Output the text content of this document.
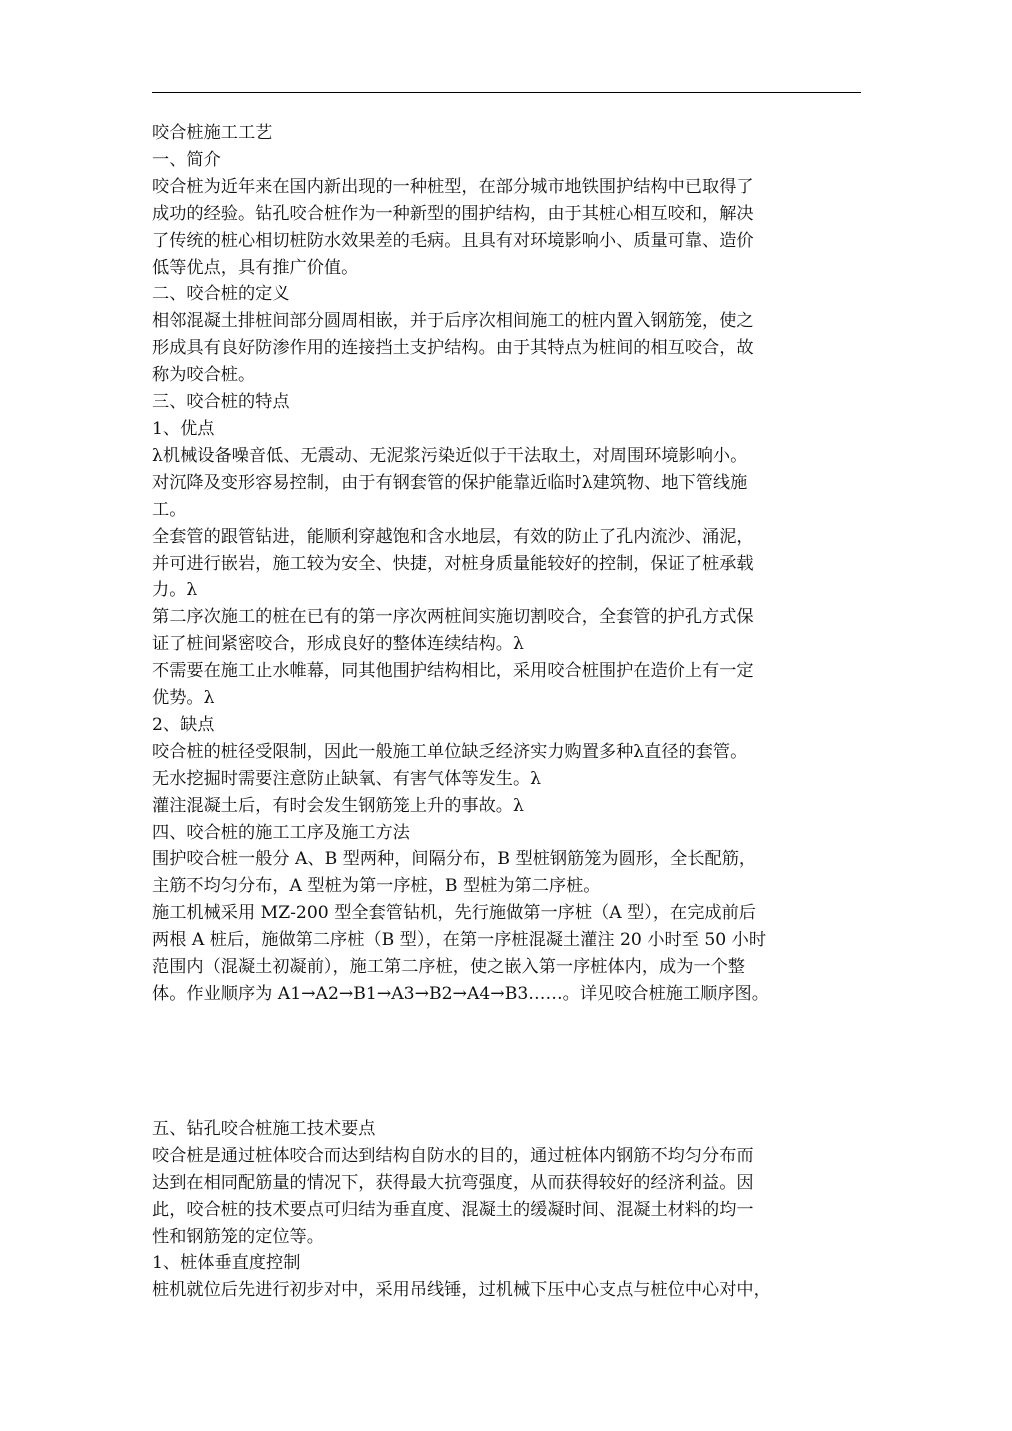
咬合桩施工工艺

一、简介

咬合桩为近年来在国内新出现的一种桩型，在部分城市地铁围护结构中已取得了

成功的经验。钻孔咬合桩作为一种新型的围护结构，由于其桩心相互咬和，解决

了传统的桩心相切桩防水效果差的毛病。且具有对环境影响小、质量可靠、造价

低等优点，具有推广价值。

二、咬合桩的定义

相邻混凝土排桩间部分圆周相嵌，并于后序次相间施工的桩内置入钢筋笼，使之

形成具有良好防渗作用的连接挡土支护结构。由于其特点为桩间的相互咬合，故

称为咬合桩。

三、咬合桩的特点

1、优点

λ机械设备噪音低、无震动、无泥浆污染近似于干法取土，对周围环境影响小。

对沉降及变形容易控制，由于有钢套管的保护能靠近临时λ建筑物、地下管线施

工。

全套管的跟管钻进，能顺利穿越饱和含水地层，有效的防止了孔内流沙、涌泥，

并可进行嵌岩，施工较为安全、快捷，对桩身质量能较好的控制，保证了桩承载

力。λ

第二序次施工的桩在已有的第一序次两桩间实施切割咬合，全套管的护孔方式保

证了桩间紧密咬合，形成良好的整体连续结构。λ

不需要在施工止水帷幕，同其他围护结构相比，采用咬合桩围护在造价上有一定

优势。λ

2、缺点

咬合桩的桩径受限制，因此一般施工单位缺乏经济实力购置多种λ直径的套管。

无水挖掘时需要注意防止缺氧、有害气体等发生。λ

灌注混凝土后，有时会发生钢筋笼上升的事故。λ

四、咬合桩的施工工序及施工方法

围护咬合桩一般分 A、B 型两种，间隔分布，B 型桩钢筋笼为圆形，全长配筋，

主筋不均匀分布，A 型桩为第一序桩，B 型桩为第二序桩。

施工机械采用 MZ-200 型全套管钻机，先行施做第一序桩（A 型），在完成前后

两根 A 桩后，施做第二序桩（B 型），在第一序桩混凝土灌注 20 小时至 50 小时

范围内（混凝土初凝前），施工第二序桩，使之嵌入第一序桩体内，成为一个整

体。作业顺序为 A1→A2→B1→A3→B2→A4→B3……。详见咬合桩施工顺序图。

五、钻孔咬合桩施工技术要点

咬合桩是通过桩体咬合而达到结构自防水的目的，通过桩体内钢筋不均匀分布而

达到在相同配筋量的情况下，获得最大抗弯强度，从而获得较好的经济利益。因

此，咬合桩的技术要点可归结为垂直度、混凝土的缓凝时间、混凝土材料的均一

性和钢筋笼的定位等。

1、桩体垂直度控制

桩机就位后先进行初步对中，采用吊线锤，过机械下压中心支点与桩位中心对中，
